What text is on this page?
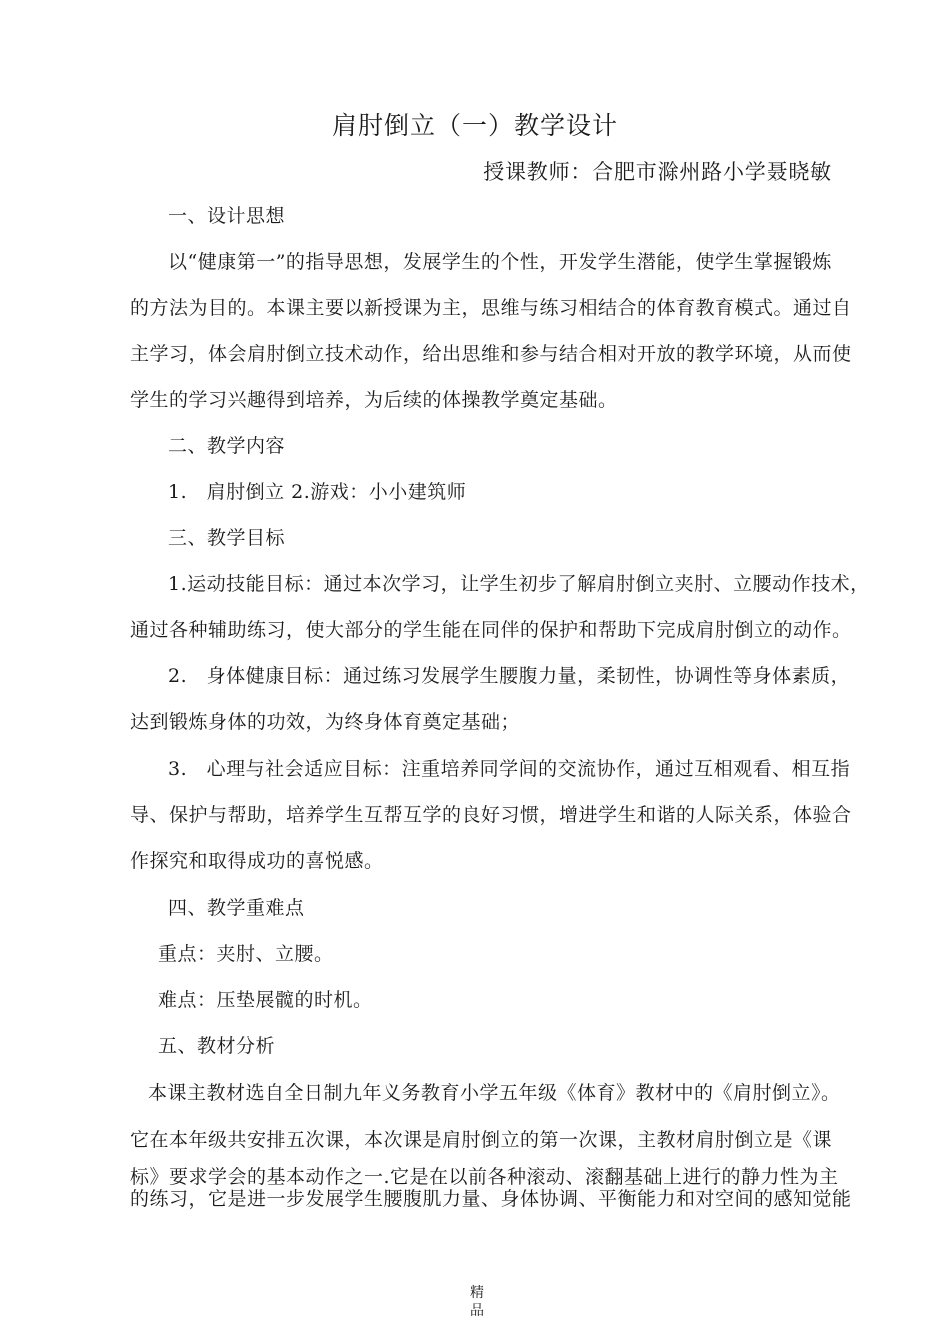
肩肘倒立（一）教学设计
授课教师：合肥市滁州路小学聂晓敏
一、设计思想
以“健康第一”的指导思想，发展学生的个性，开发学生潜能，使学生掌握锻炼
的方法为目的。本课主要以新授课为主，思维与练习相结合的体育教育模式。通过自
主学习，体会肩肘倒立技术动作，给出思维和参与结合相对开放的教学环境，从而使
学生的学习兴趣得到培养，为后续的体操教学奠定基础。
二、教学内容
1.　肩肘倒立 2.游戏：小小建筑师
三、教学目标
1.运动技能目标：通过本次学习，让学生初步了解肩肘倒立夹肘、立腰动作技术，
通过各种辅助练习，使大部分的学生能在同伴的保护和帮助下完成肩肘倒立的动作。
2.　身体健康目标：通过练习发展学生腰腹力量，柔韧性，协调性等身体素质，
达到锻炼身体的功效，为终身体育奠定基础；
3.　心理与社会适应目标：注重培养同学间的交流协作，通过互相观看、相互指
导、保护与帮助，培养学生互帮互学的良好习惯，增进学生和谐的人际关系，体验合
作探究和取得成功的喜悦感。
四、教学重难点
重点：夹肘、立腰。
难点：压垫展髋的时机。
五、教材分析
本课主教材选自全日制九年义务教育小学五年级《体育》教材中的《肩肘倒立》。
它在本年级共安排五次课，本次课是肩肘倒立的第一次课，主教材肩肘倒立是《课
标》要求学会的基本动作之一.它是在以前各种滚动、滚翻基础上进行的静力性为主
的练习，它是进一步发展学生腰腹肌力量、身体协调、平衡能力和对空间的感知觉能
精品
